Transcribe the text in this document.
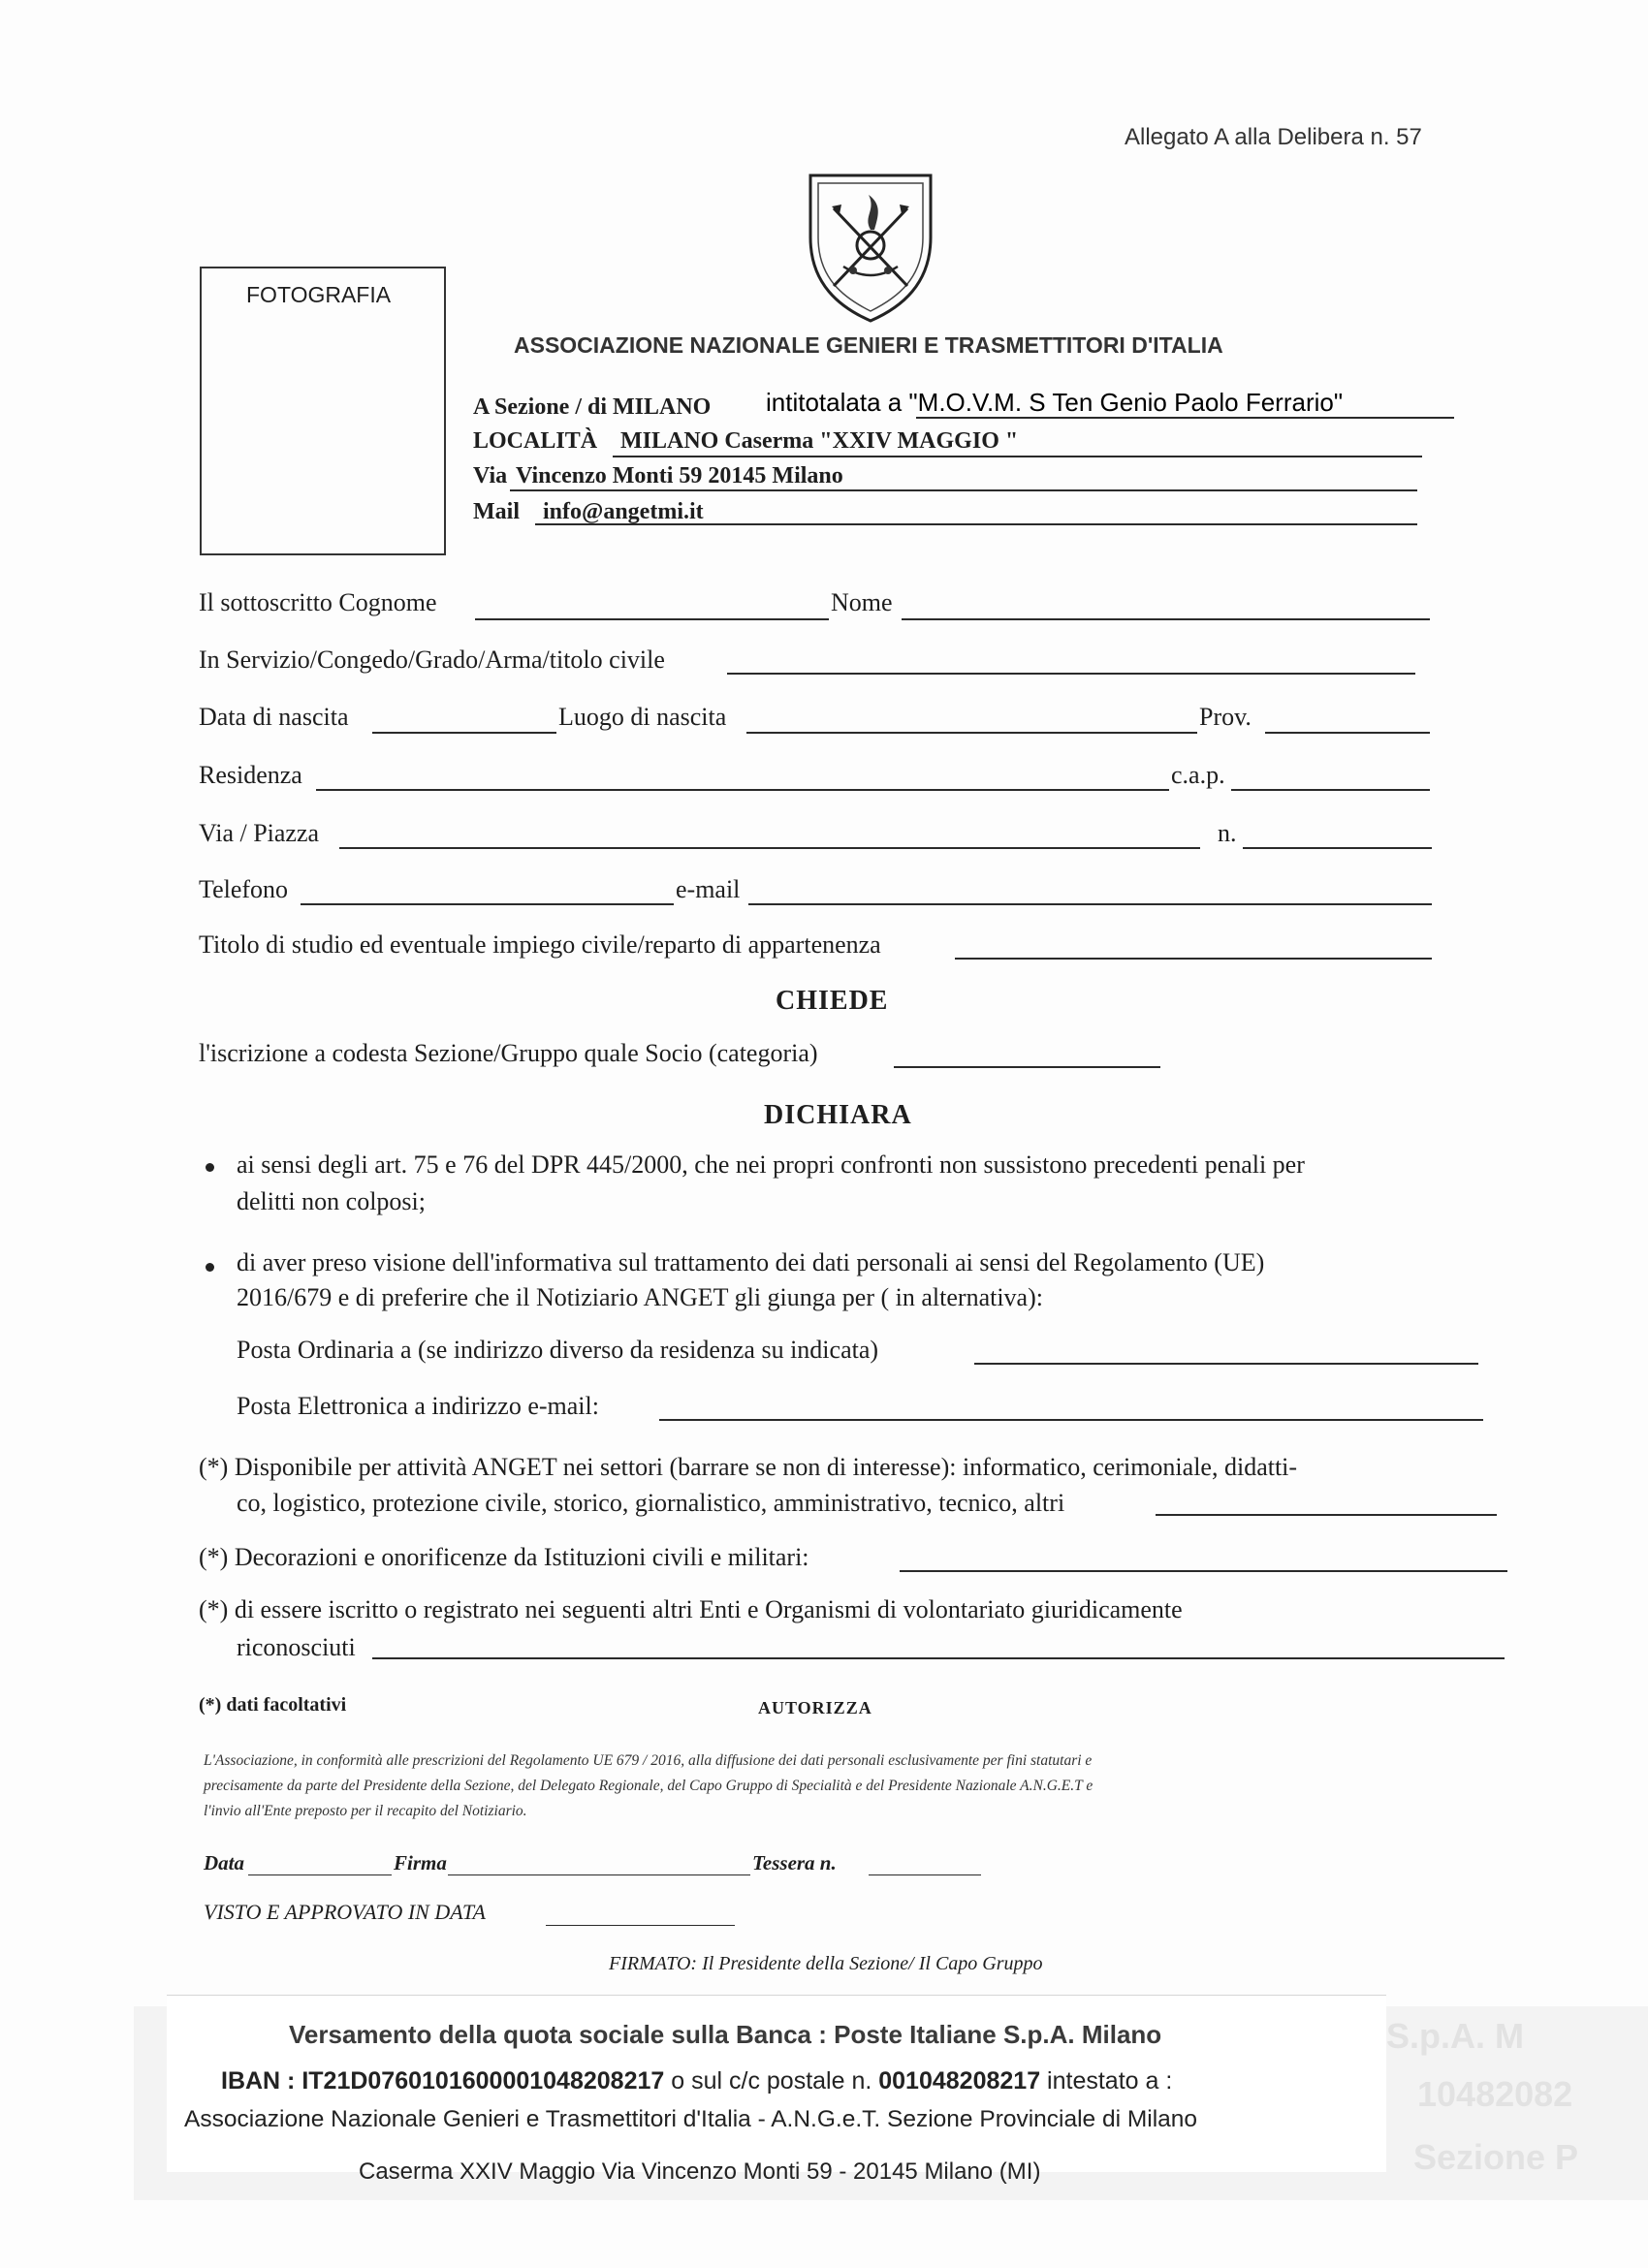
Allegato A alla Delibera n. 57
FOTOGRAFIA
ASSOCIAZIONE NAZIONALE GENIERI E TRASMETTITORI D'ITALIA
A Sezione / di MILANO intitotalata a "M.O.V.M. S Ten Genio Paolo Ferrario"
LOCALITÀ MILANO Caserma "XXIV MAGGIO "
Via Vincenzo Monti 59 20145 Milano
Mail info@angetmi.it
Il sottoscritto Cognome	Nome
In Servizio/Congedo/Grado/Arma/titolo civile
Data di nascita	Luogo di nascita	Prov.
Residenza	c.a.p.
Via / Piazza	n.
Telefono	e-mail
Titolo di studio ed eventuale impiego civile/reparto di appartenenza
CHIEDE
l'iscrizione a codesta Sezione/Gruppo quale Socio (categoria)
DICHIARA
ai sensi degli art. 75 e 76 del DPR 445/2000, che nei propri confronti non sussistono precedenti penali per
delitti non colposi;
di aver preso visione dell'informativa sul trattamento dei dati personali ai sensi del Regolamento (UE)
2016/679 e di preferire che il Notiziario ANGET gli giunga per ( in alternativa):
Posta Ordinaria a (se indirizzo diverso da residenza su indicata)
Posta Elettronica a indirizzo e-mail:
(*) Disponibile per attività ANGET nei settori (barrare se non di interesse): informatico, cerimoniale, didatti-
co, logistico, protezione civile, storico, giornalistico, amministrativo, tecnico, altri
(*) Decorazioni e onorificenze da Istituzioni civili e militari:
(*) di essere iscritto o registrato nei seguenti altri Enti e Organismi di volontariato giuridicamente
riconosciuti
(*) dati facoltativi	AUTORIZZA
L'Associazione, in conformità alle prescrizioni del Regolamento UE 679 / 2016, alla diffusione dei dati personali esclusivamente per fini statutari e
precisamente da parte del Presidente della Sezione, del Delegato Regionale, del Capo Gruppo di Specialità e del Presidente Nazionale A.N.G.E.T e
l'invio all'Ente preposto per il recapito del Notiziario.
Data	Firma	Tessera n.
VISTO E APPROVATO IN DATA
FIRMATO: Il Presidente della Sezione/ Il Capo Gruppo
S.p.A. M
10482082
Sezione P
Versamento della quota sociale sulla Banca : Poste Italiane S.p.A. Milano
IBAN : IT21D0760101600001048208217 o sul c/c postale n. 001048208217 intestato a :
Associazione Nazionale Genieri e Trasmettitori d'Italia - A.N.G.e.T. Sezione Provinciale di Milano
Caserma XXIV Maggio Via Vincenzo Monti 59 - 20145 Milano (MI)
